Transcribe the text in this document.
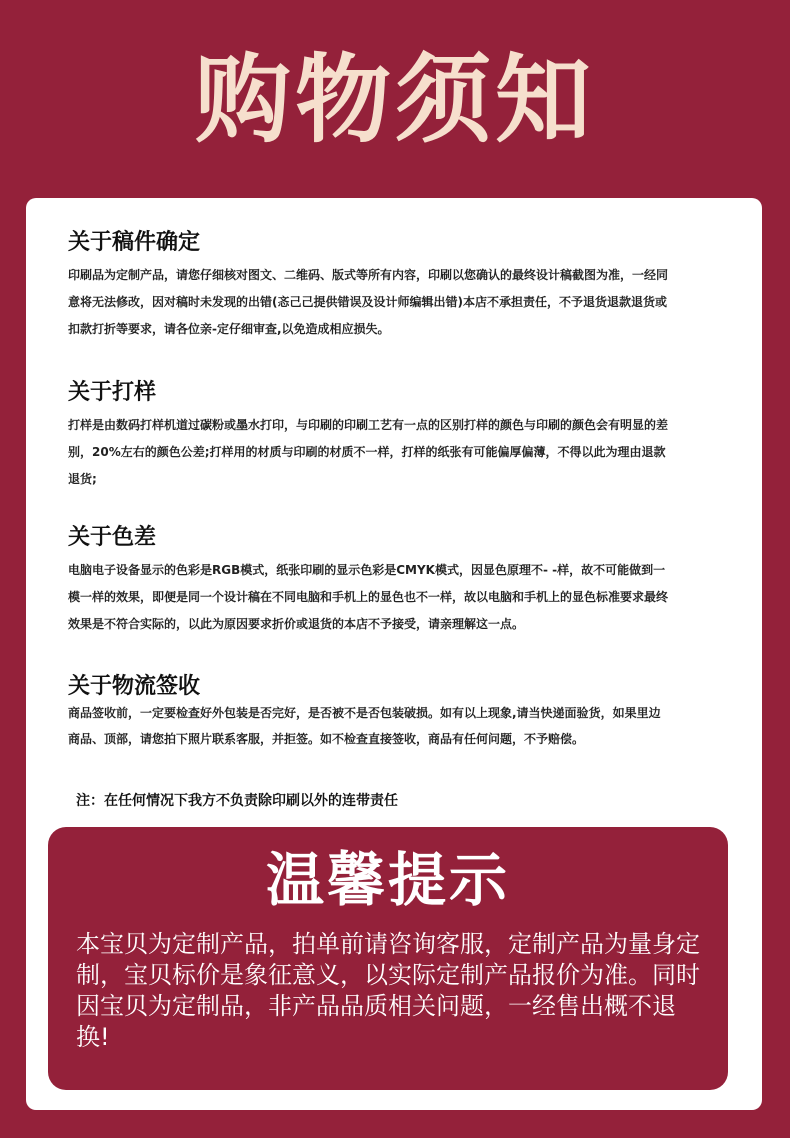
购物须知
关于稿件确定
印刷品为定制产品，请您仔细核对图文、二维码、版式等所有内容，印刷以您确认的最终设计稿截图为准，一经同意将无法修改，因对稿时未发现的出错(忞己己提供错误及设计师编辑出错)本店不承担责任，不予退货退款退货或扣款打折等要求，请各位亲-定仔细审查,以免造成相应损失。
关于打样
打样是由数码打样机道过碳粉或墨水打印，与印刷的印刷工艺有一点的区别打样的颜色与印刷的颜色会有明显的差别，20%左右的颜色公差;打样用的材质与印刷的材质不一样，打样的纸张有可能偏厚偏薄，不得以此为理由退款退货;
关于色差
电脑电子设备显示的色彩是RGB模式，纸张印刷的显示色彩是CMYK模式，因显色原理不- -样，故不可能做到一模一样的效果，即便是同一个设计稿在不同电脑和手机上的显色也不一样，故以电脑和手机上的显色标准要求最终效果是不符合实际的，以此为原因要求折价或退货的本店不予接受，请亲理解这一点。
关于物流签收
商品签收前，一定要检查好外包装是否完好，是否被不是否包装破损。如有以上现象,请当快递面验货，如果里边商品、顶部，请您拍下照片联系客服，并拒签。如不检查直接签收，商品有任何问题，不予赔偿。
注：在任何情况下我方不负责除印刷以外的连带责任
温馨提示
本宝贝为定制产品，拍单前请咨询客服，定制产品为量身定制，宝贝标价是象征意义，以实际定制产品报价为准。同时因宝贝为定制品，非产品品质相关问题，一经售出概不退换!
